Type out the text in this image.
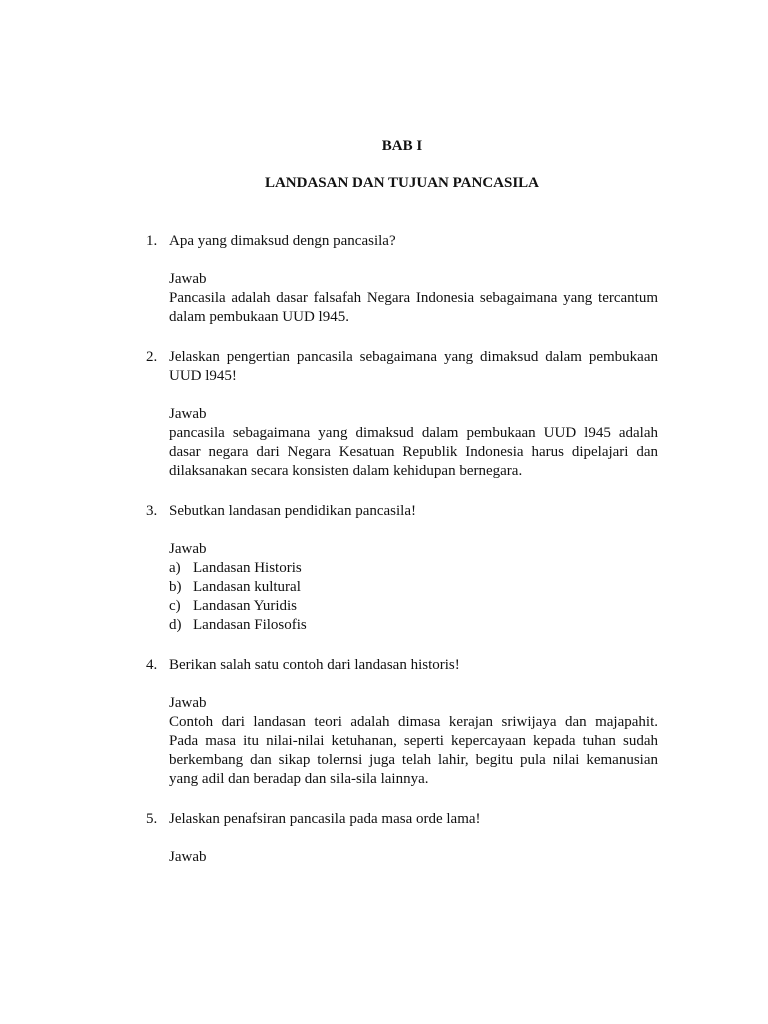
BAB I
LANDASAN DAN TUJUAN PANCASILA
1. Apa yang dimaksud dengn pancasila?
Jawab
Pancasila adalah dasar falsafah Negara Indonesia sebagaimana yang tercantum
dalam pembukaan UUD l945.
2. Jelaskan pengertian pancasila sebagaimana yang dimaksud dalam pembukaan
UUD l945!
Jawab
pancasila sebagaimana yang dimaksud dalam pembukaan UUD l945 adalah
dasar negara dari Negara Kesatuan Republik Indonesia harus dipelajari dan
dilaksanakan secara konsisten dalam kehidupan bernegara.
3. Sebutkan landasan pendidikan pancasila!
Jawab
a) Landasan Historis
b) Landasan kultural
c) Landasan Yuridis
d) Landasan Filosofis
4. Berikan salah satu contoh dari landasan historis!
Jawab
Contoh dari landasan teori adalah dimasa kerajan sriwijaya dan majapahit.
Pada masa itu nilai-nilai ketuhanan, seperti kepercayaan kepada tuhan sudah
berkembang dan sikap tolernsi juga telah lahir, begitu pula nilai kemanusian
yang adil dan beradap dan sila-sila lainnya.
5. Jelaskan penafsiran pancasila pada masa orde lama!
Jawab
